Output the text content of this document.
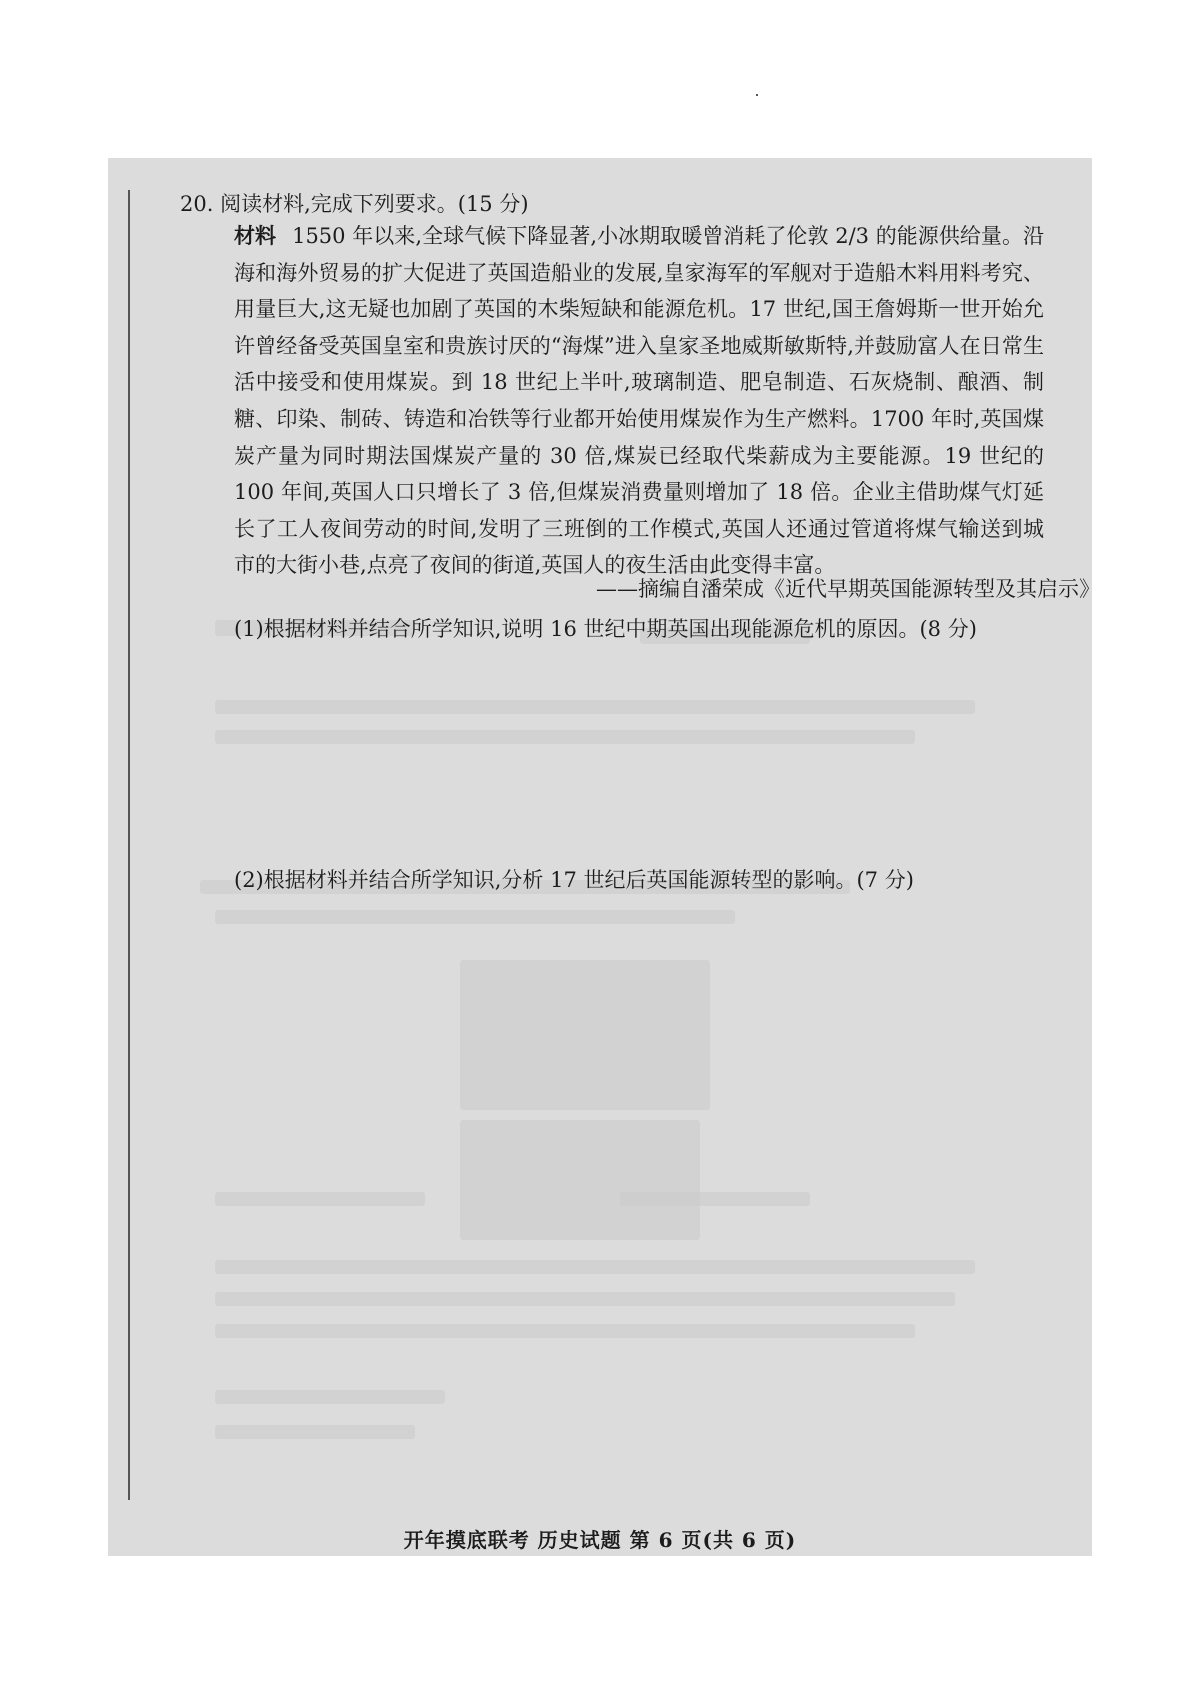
20. 阅读材料,完成下列要求。(15 分)
材料 1550 年以来,全球气候下降显著,小冰期取暖曾消耗了伦敦 2/3 的能源供给量。沿海和海外贸易的扩大促进了英国造船业的发展,皇家海军的军舰对于造船木料用料考究、用量巨大,这无疑也加剧了英国的木柴短缺和能源危机。17 世纪,国王詹姆斯一世开始允许曾经备受英国皇室和贵族讨厌的“海煤”进入皇家圣地威斯敏斯特,并鼓励富人在日常生活中接受和使用煤炭。到 18 世纪上半叶,玻璃制造、肥皂制造、石灰烧制、酿酒、制糖、印染、制砖、铸造和冶铁等行业都开始使用煤炭作为生产燃料。1700 年时,英国煤炭产量为同时期法国煤炭产量的 30 倍,煤炭已经取代柴薪成为主要能源。19 世纪的 100 年间,英国人口只增长了 3 倍,但煤炭消费量则增加了 18 倍。企业主借助煤气灯延长了工人夜间劳动的时间,发明了三班倒的工作模式,英国人还通过管道将煤气输送到城市的大街小巷,点亮了夜间的街道,英国人的夜生活由此变得丰富。
——摘编自潘荣成《近代早期英国能源转型及其启示》
(1)根据材料并结合所学知识,说明 16 世纪中期英国出现能源危机的原因。(8 分)
(2)根据材料并结合所学知识,分析 17 世纪后英国能源转型的影响。(7 分)
开年摸底联考 历史试题 第 6 页(共 6 页)
